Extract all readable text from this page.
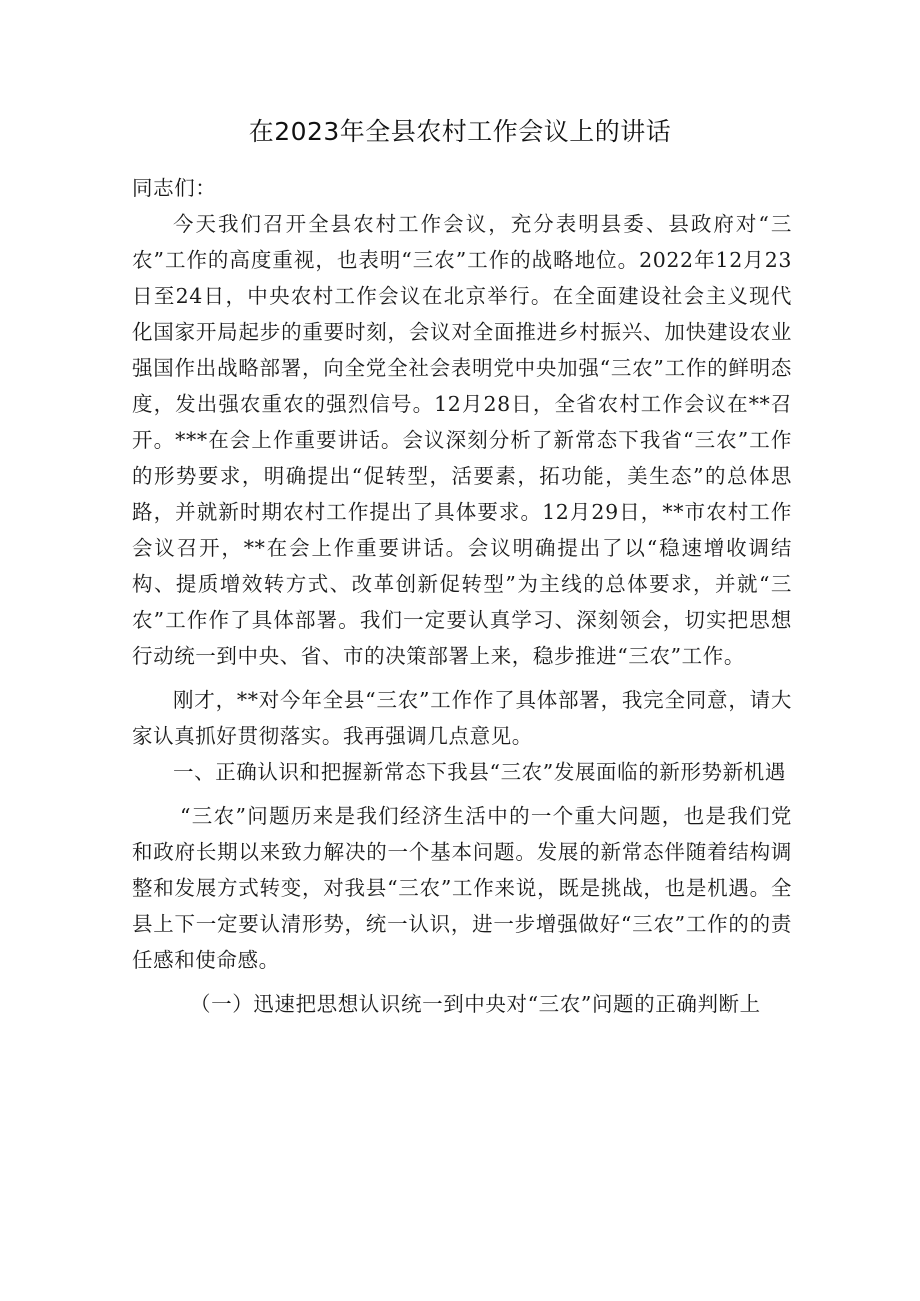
在2023年全县农村工作会议上的讲话

同志们：

今天我们召开全县农村工作会议，充分表明县委、县政府对“三农”工作的高度重视，也表明“三农”工作的战略地位。2022年12月23日至24日，中央农村工作会议在北京举行。在全面建设社会主义现代化国家开局起步的重要时刻，会议对全面推进乡村振兴、加快建设农业强国作出战略部署，向全党全社会表明党中央加强“三农”工作的鲜明态度，发出强农重农的强烈信号。12月28日，全省农村工作会议在**召开。***在会上作重要讲话。会议深刻分析了新常态下我省“三农”工作的形势要求，明确提出“促转型，活要素，拓功能，美生态”的总体思路，并就新时期农村工作提出了具体要求。12月29日，**市农村工作会议召开，**在会上作重要讲话。会议明确提出了以“稳速增收调结构、提质增效转方式、改革创新促转型”为主线的总体要求，并就“三农”工作作了具体部署。我们一定要认真学习、深刻领会，切实把思想行动统一到中央、省、市的决策部署上来，稳步推进“三农”工作。

刚才，**对今年全县“三农”工作作了具体部署，我完全同意，请大家认真抓好贯彻落实。我再强调几点意见。

一、正确认识和把握新常态下我县“三农”发展面临的新形势新机遇

“三农”问题历来是我们经济生活中的一个重大问题，也是我们党和政府长期以来致力解决的一个基本问题。发展的新常态伴随着结构调整和发展方式转变，对我县“三农”工作来说，既是挑战，也是机遇。全县上下一定要认清形势，统一认识，进一步增强做好“三农”工作的的责任感和使命感。

（一）迅速把思想认识统一到中央对“三农”问题的正确判断上
